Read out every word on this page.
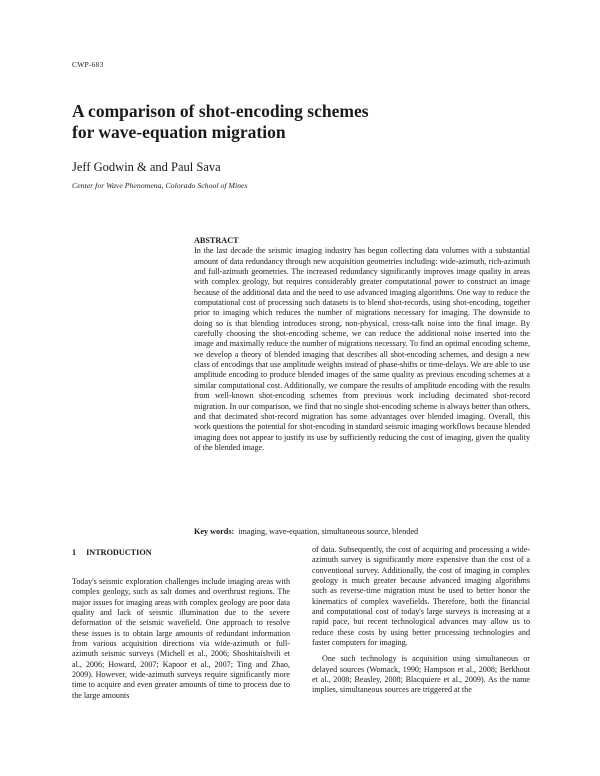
CWP-683
A comparison of shot-encoding schemes
for wave-equation migration
Jeff Godwin & and Paul Sava
Center for Wave Phenomena, Colorado School of Mines
ABSTRACT

In the last decade the seismic imaging industry has begun collecting data volumes with a substantial amount of data redundancy through new acquisition geometries including: wide-azimuth, rich-azimuth and full-azimuth geometries. The increased redundancy significantly improves image quality in areas with complex geology, but requires considerably greater computational power to construct an image because of the additional data and the need to use advanced imaging algorithms. One way to reduce the computational cost of processing such datasets is to blend shot-records, using shot-encoding, together prior to imaging which reduces the number of migrations necessary for imaging. The downside to doing so is that blending introduces strong, non-physical, cross-talk noise into the final image. By carefully choosing the shot-encoding scheme, we can reduce the additional noise inserted into the image and maximally reduce the number of migrations necessary. To find an optimal encoding scheme, we develop a theory of blended imaging that describes all shot-encoding schemes, and design a new class of encodings that use amplitude weights instead of phase-shifts or time-delays. We are able to use amplitude encoding to produce blended images of the same quality as previous encoding schemes at a similar computational cost. Additionally, we compare the results of amplitude encoding with the results from well-known shot-encoding schemes from previous work including decimated shot-record migration. In our comparison, we find that no single shot-encoding scheme is always better than others, and that decimated shot-record migration has some advantages over blended imaging. Overall, this work questions the potential for shot-encoding in standard seismic imaging workflows because blended imaging does not appear to justify its use by sufficiently reducing the cost of imaging, given the quality of the blended image.

Key words: imaging, wave-equation, simultaneous source, blended
1 INTRODUCTION

Today's seismic exploration challenges include imaging areas with complex geology, such as salt domes and overthrust regions. The major issues for imaging areas with complex geology are poor data quality and lack of seismic illumination due to the severe deformation of the seismic wavefield. One approach to resolve these issues is to obtain large amounts of redundant information from various acquisition directions via wide-azimuth or full-azimuth seismic surveys (Michell et al., 2006; Shoshitaishvili et al., 2006; Howard, 2007; Kapoor et al., 2007; Ting and Zhao, 2009). However, wide-azimuth surveys require significantly more time to acquire and even greater amounts of time to process due to the large amounts

of data. Subsequently, the cost of acquiring and processing a wide-azimuth survey is significantly more expensive than the cost of a conventional survey. Additionally, the cost of imaging in complex geology is much greater because advanced imaging algorithms such as reverse-time migration must be used to better honor the kinematics of complex wavefields. Therefore, both the financial and computational cost of today's large surveys is increasing at a rapid pace, but recent technological advances may allow us to reduce these costs by using better processing technologies and faster computers for imaging.

One such technology is acquisition using simultaneous or delayed sources (Womack, 1990; Hampson et al., 2008; Berkhout et al., 2008; Beasley, 2008; Blacquiere et al., 2009). As the name implies, simultaneous sources are triggered at the
